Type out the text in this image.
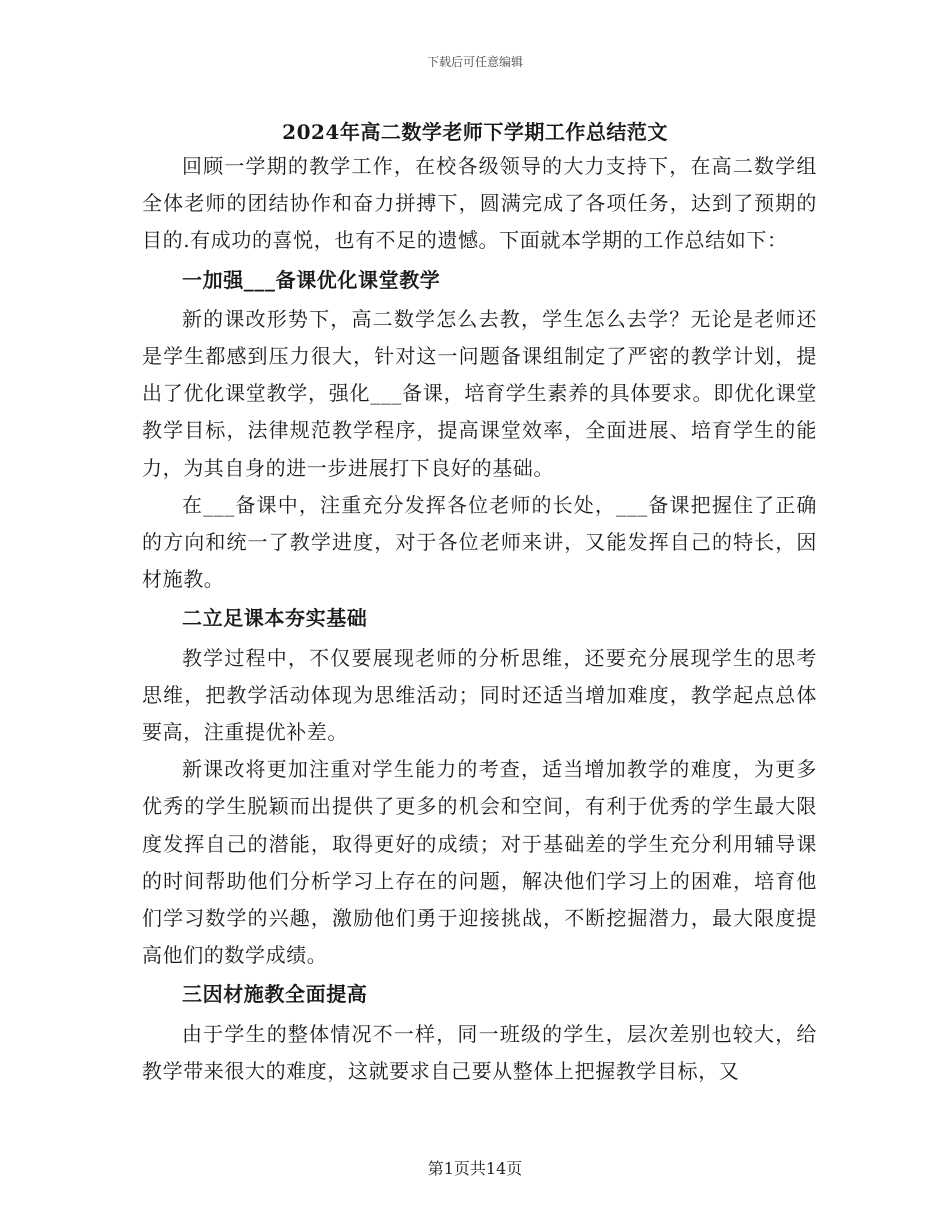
下载后可任意编辑
2024年高二数学老师下学期工作总结范文

回顾一学期的教学工作，在校各级领导的大力支持下，在高二数学组全体老师的团结协作和奋力拼搏下，圆满完成了各项任务，达到了预期的目的.有成功的喜悦，也有不足的遗憾。下面就本学期的工作总结如下：

一加强___备课优化课堂教学

新的课改形势下，高二数学怎么去教，学生怎么去学？无论是老师还是学生都感到压力很大，针对这一问题备课组制定了严密的教学计划，提出了优化课堂教学，强化___备课，培育学生素养的具体要求。即优化课堂教学目标，法律规范教学程序，提高课堂效率，全面进展、培育学生的能力，为其自身的进一步进展打下良好的基础。

在___备课中，注重充分发挥各位老师的长处，___备课把握住了正确的方向和统一了教学进度，对于各位老师来讲，又能发挥自己的特长，因材施教。

二立足课本夯实基础

教学过程中，不仅要展现老师的分析思维，还要充分展现学生的思考思维，把教学活动体现为思维活动；同时还适当增加难度，教学起点总体要高，注重提优补差。

新课改将更加注重对学生能力的考查，适当增加教学的难度，为更多优秀的学生脱颖而出提供了更多的机会和空间，有利于优秀的学生最大限度发挥自己的潜能，取得更好的成绩；对于基础差的学生充分利用辅导课的时间帮助他们分析学习上存在的问题，解决他们学习上的困难，培育他们学习数学的兴趣，激励他们勇于迎接挑战，不断挖掘潜力，最大限度提高他们的数学成绩。

三因材施教全面提高

由于学生的整体情况不一样，同一班级的学生，层次差别也较大，给教学带来很大的难度，这就要求自己要从整体上把握教学目标，又

第1页共14页
